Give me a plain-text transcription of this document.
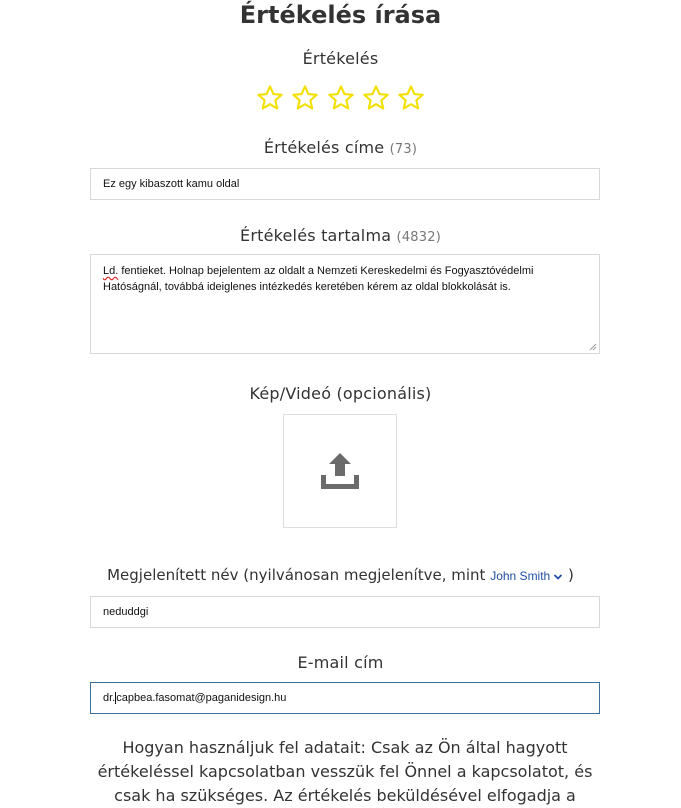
Értékelés írása
Értékelés

Értékelés címe (73)
Ez egy kibaszott kamu oldal
Értékelés tartalma (4832)
Ld. fentieket. Holnap bejelentem az oldalt a Nemzeti Kereskedelmi és Fogyasztóvédelmi Hatóságnál, továbbá ideiglenes intézkedés keretében kérem az oldal blokkolását is.
Kép/Videó (opcionális)
Megjelenített név (nyilvánosan megjelenítve, mint John Smith )
neduddgi
E-mail cím
dr. capbea.fasomat@paganidesign.hu
Hogyan használjuk fel adatait: Csak az Ön által hagyott értékeléssel kapcsolatban vesszük fel Önnel a kapcsolatot, és csak ha szükséges. Az értékelés beküldésével elfogadja a
